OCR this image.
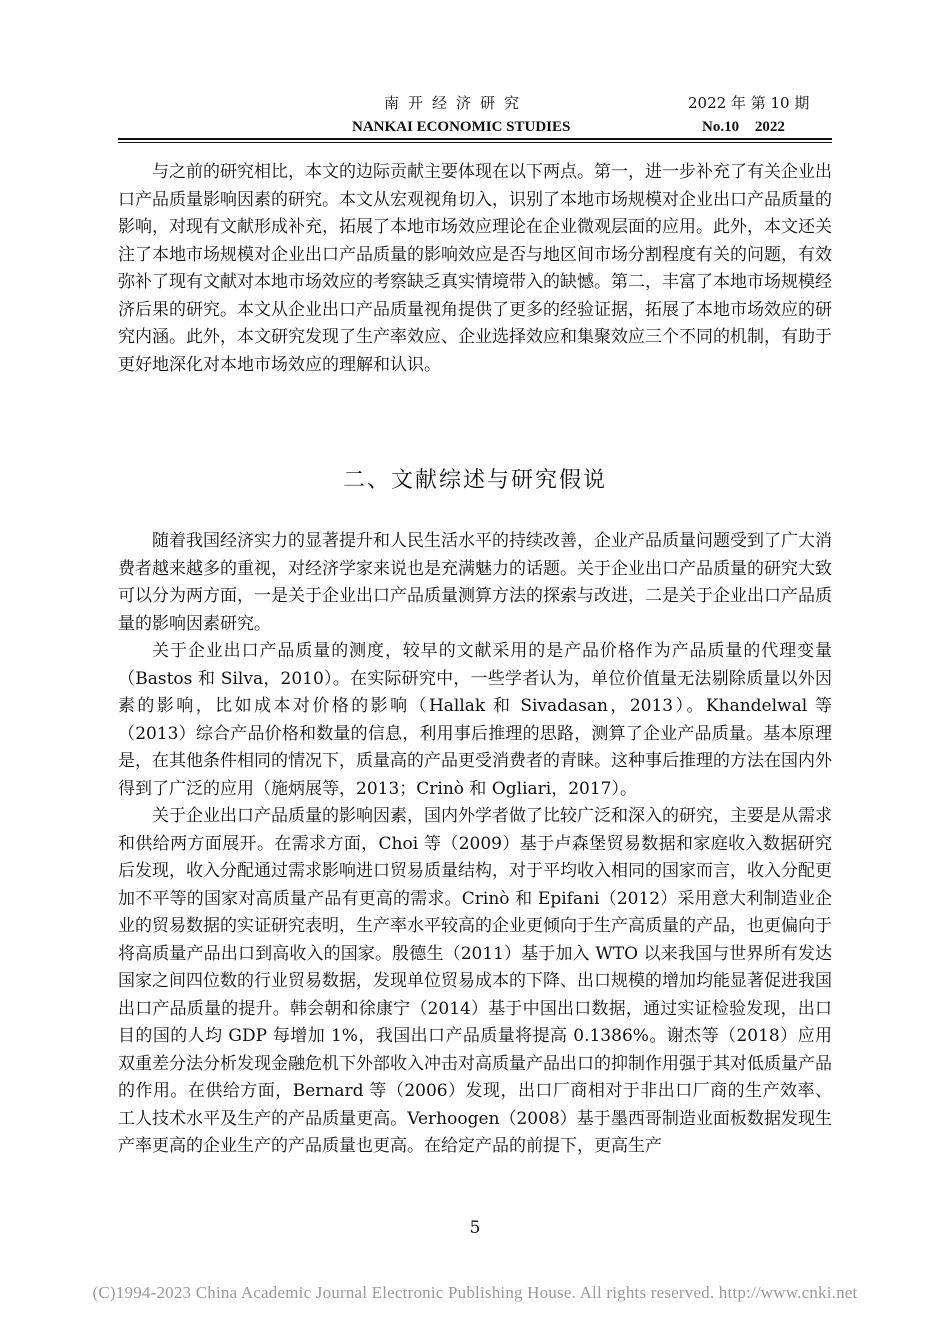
南开经济研究	2022 年 第 10 期
NANKAI ECONOMIC STUDIES	No.10 2022

与之前的研究相比，本文的边际贡献主要体现在以下两点。第一，进一步补充了有关企业出口产品质量影响因素的研究。本文从宏观视角切入，识别了本地市场规模对企业出口产品质量的影响，对现有文献形成补充，拓展了本地市场效应理论在企业微观层面的应用。此外，本文还关注了本地市场规模对企业出口产品质量的影响效应是否与地区间市场分割程度有关的问题，有效弥补了现有文献对本地市场效应的考察缺乏真实情境带入的缺憾。第二，丰富了本地市场规模经济后果的研究。本文从企业出口产品质量视角提供了更多的经验证据，拓展了本地市场效应的研究内涵。此外，本文研究发现了生产率效应、企业选择效应和集聚效应三个不同的机制，有助于更好地深化对本地市场效应的理解和认识。

二、文献综述与研究假说

随着我国经济实力的显著提升和人民生活水平的持续改善，企业产品质量问题受到了广大消费者越来越多的重视，对经济学家来说也是充满魅力的话题。关于企业出口产品质量的研究大致可以分为两方面，一是关于企业出口产品质量测算方法的探索与改进，二是关于企业出口产品质量的影响因素研究。

关于企业出口产品质量的测度，较早的文献采用的是产品价格作为产品质量的代理变量（Bastos 和 Silva，2010）。在实际研究中，一些学者认为，单位价值量无法剔除质量以外因素的影响，比如成本对价格的影响（Hallak 和 Sivadasan，2013）。Khandelwal 等（2013）综合产品价格和数量的信息，利用事后推理的思路，测算了企业产品质量。基本原理是，在其他条件相同的情况下，质量高的产品更受消费者的青睐。这种事后推理的方法在国内外得到了广泛的应用（施炳展等，2013；Crinò 和 Ogliari，2017）。

关于企业出口产品质量的影响因素，国内外学者做了比较广泛和深入的研究，主要是从需求和供给两方面展开。在需求方面，Choi 等（2009）基于卢森堡贸易数据和家庭收入数据研究后发现，收入分配通过需求影响进口贸易质量结构，对于平均收入相同的国家而言，收入分配更加不平等的国家对高质量产品有更高的需求。Crinò 和 Epifani（2012）采用意大利制造业企业的贸易数据的实证研究表明，生产率水平较高的企业更倾向于生产高质量的产品，也更偏向于将高质量产品出口到高收入的国家。殷德生（2011）基于加入 WTO 以来我国与世界所有发达国家之间四位数的行业贸易数据，发现单位贸易成本的下降、出口规模的增加均能显著促进我国出口产品质量的提升。韩会朝和徐康宁（2014）基于中国出口数据，通过实证检验发现，出口目的国的人均 GDP 每增加 1%，我国出口产品质量将提高 0.1386%。谢杰等（2018）应用双重差分法分析发现金融危机下外部收入冲击对高质量产品出口的抑制作用强于其对低质量产品的作用。在供给方面，Bernard 等（2006）发现，出口厂商相对于非出口厂商的生产效率、工人技术水平及生产的产品质量更高。Verhoogen（2008）基于墨西哥制造业面板数据发现生产率更高的企业生产的产品质量也更高。在给定产品的前提下，更高生产

5
(C)1994-2023 China Academic Journal Electronic Publishing House. All rights reserved. http://www.cnki.net
